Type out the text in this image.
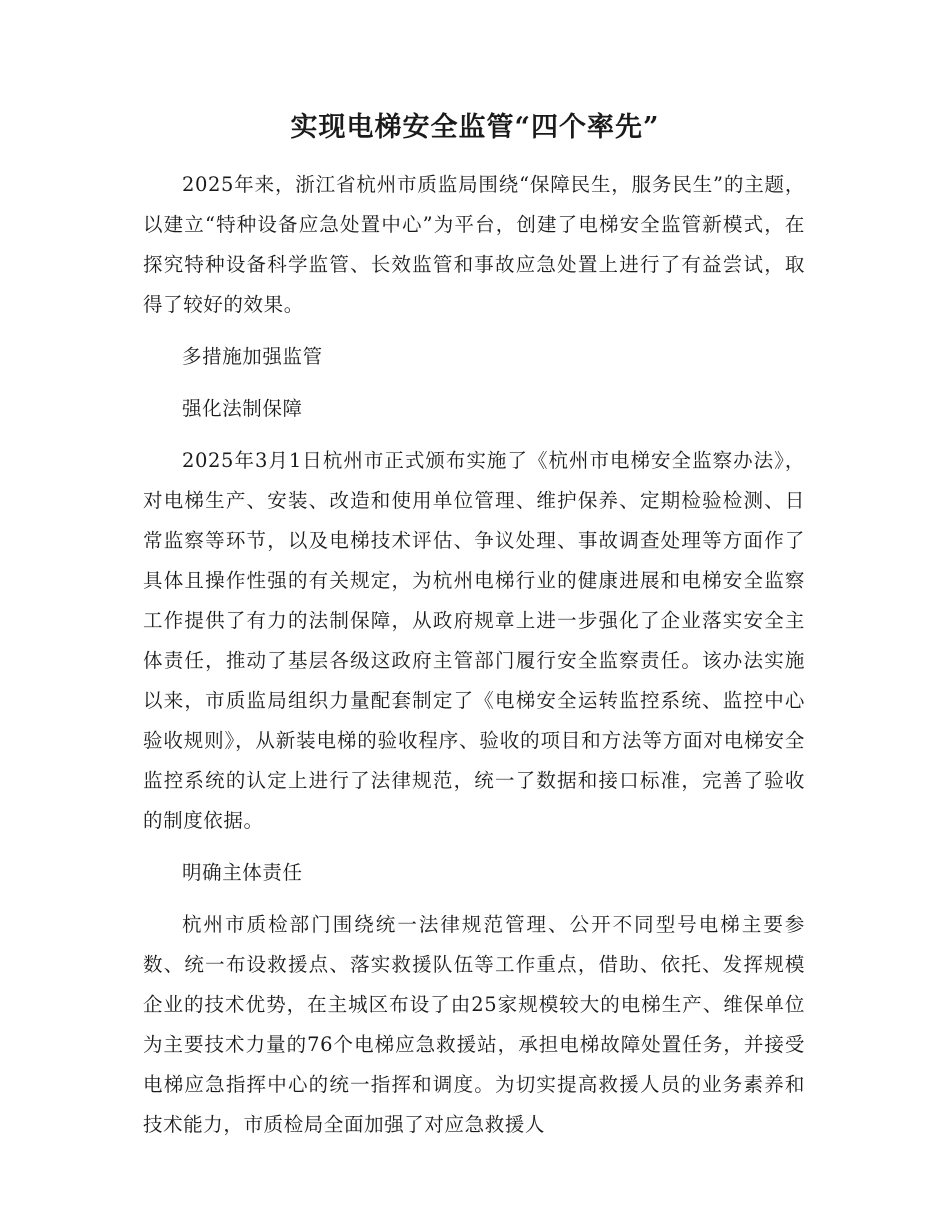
实现电梯安全监管“四个率先”

2025年来，浙江省杭州市质监局围绕“保障民生，服务民生”的主题，以建立“特种设备应急处置中心”为平台，创建了电梯安全监管新模式，在探究特种设备科学监管、长效监管和事故应急处置上进行了有益尝试，取得了较好的效果。

多措施加强监管

强化法制保障

2025年3月1日杭州市正式颁布实施了《杭州市电梯安全监察办法》，对电梯生产、安装、改造和使用单位管理、维护保养、定期检验检测、日常监察等环节，以及电梯技术评估、争议处理、事故调查处理等方面作了具体且操作性强的有关规定，为杭州电梯行业的健康进展和电梯安全监察工作提供了有力的法制保障，从政府规章上进一步强化了企业落实安全主体责任，推动了基层各级这政府主管部门履行安全监察责任。该办法实施以来，市质监局组织力量配套制定了《电梯安全运转监控系统、监控中心验收规则》，从新装电梯的验收程序、验收的项目和方法等方面对电梯安全监控系统的认定上进行了法律规范，统一了数据和接口标准，完善了验收的制度依据。

明确主体责任

杭州市质检部门围绕统一法律规范管理、公开不同型号电梯主要参数、统一布设救援点、落实救援队伍等工作重点，借助、依托、发挥规模企业的技术优势，在主城区布设了由25家规模较大的电梯生产、维保单位为主要技术力量的76个电梯应急救援站，承担电梯故障处置任务，并接受电梯应急指挥中心的统一指挥和调度。为切实提高救援人员的业务素养和技术能力，市质检局全面加强了对应急救援人
